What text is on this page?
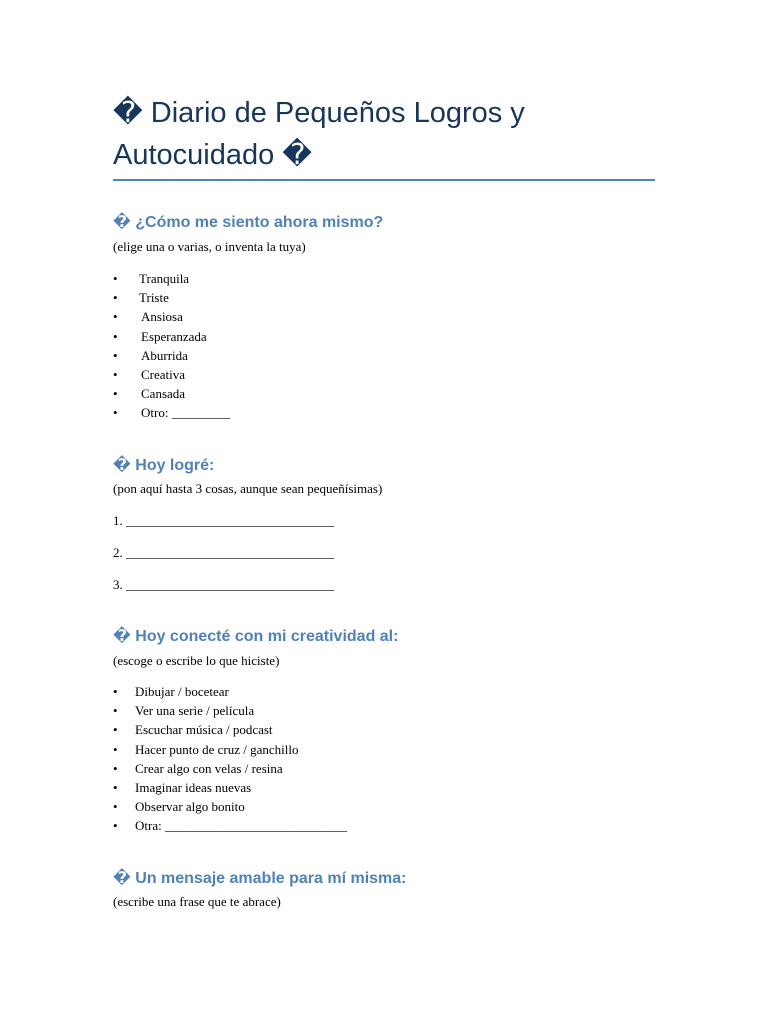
� Diario de Pequeños Logros y Autocuidado �
� ¿Cómo me siento ahora mismo?

(elige una o varias, o inventa la tuya)

• Tranquila
• Triste
• Ansiosa
• Esperanzada
• Aburrida
• Creativa
• Cansada
• Otro: _________
� Hoy logré:

(pon aquí hasta 3 cosas, aunque sean pequeñísimas)

1. ________________________________

2. ________________________________

3. ________________________________

� Hoy conecté con mi creatividad al:

(escoge o escribe lo que hiciste)

• Dibujar / bocetear
• Ver una serie / película
• Escuchar música / podcast
• Hacer punto de cruz / ganchillo
• Crear algo con velas / resina
• Imaginar ideas nuevas
• Observar algo bonito
• Otra: ____________________________
� Un mensaje amable para mí misma:

(escribe una frase que te abrace)
